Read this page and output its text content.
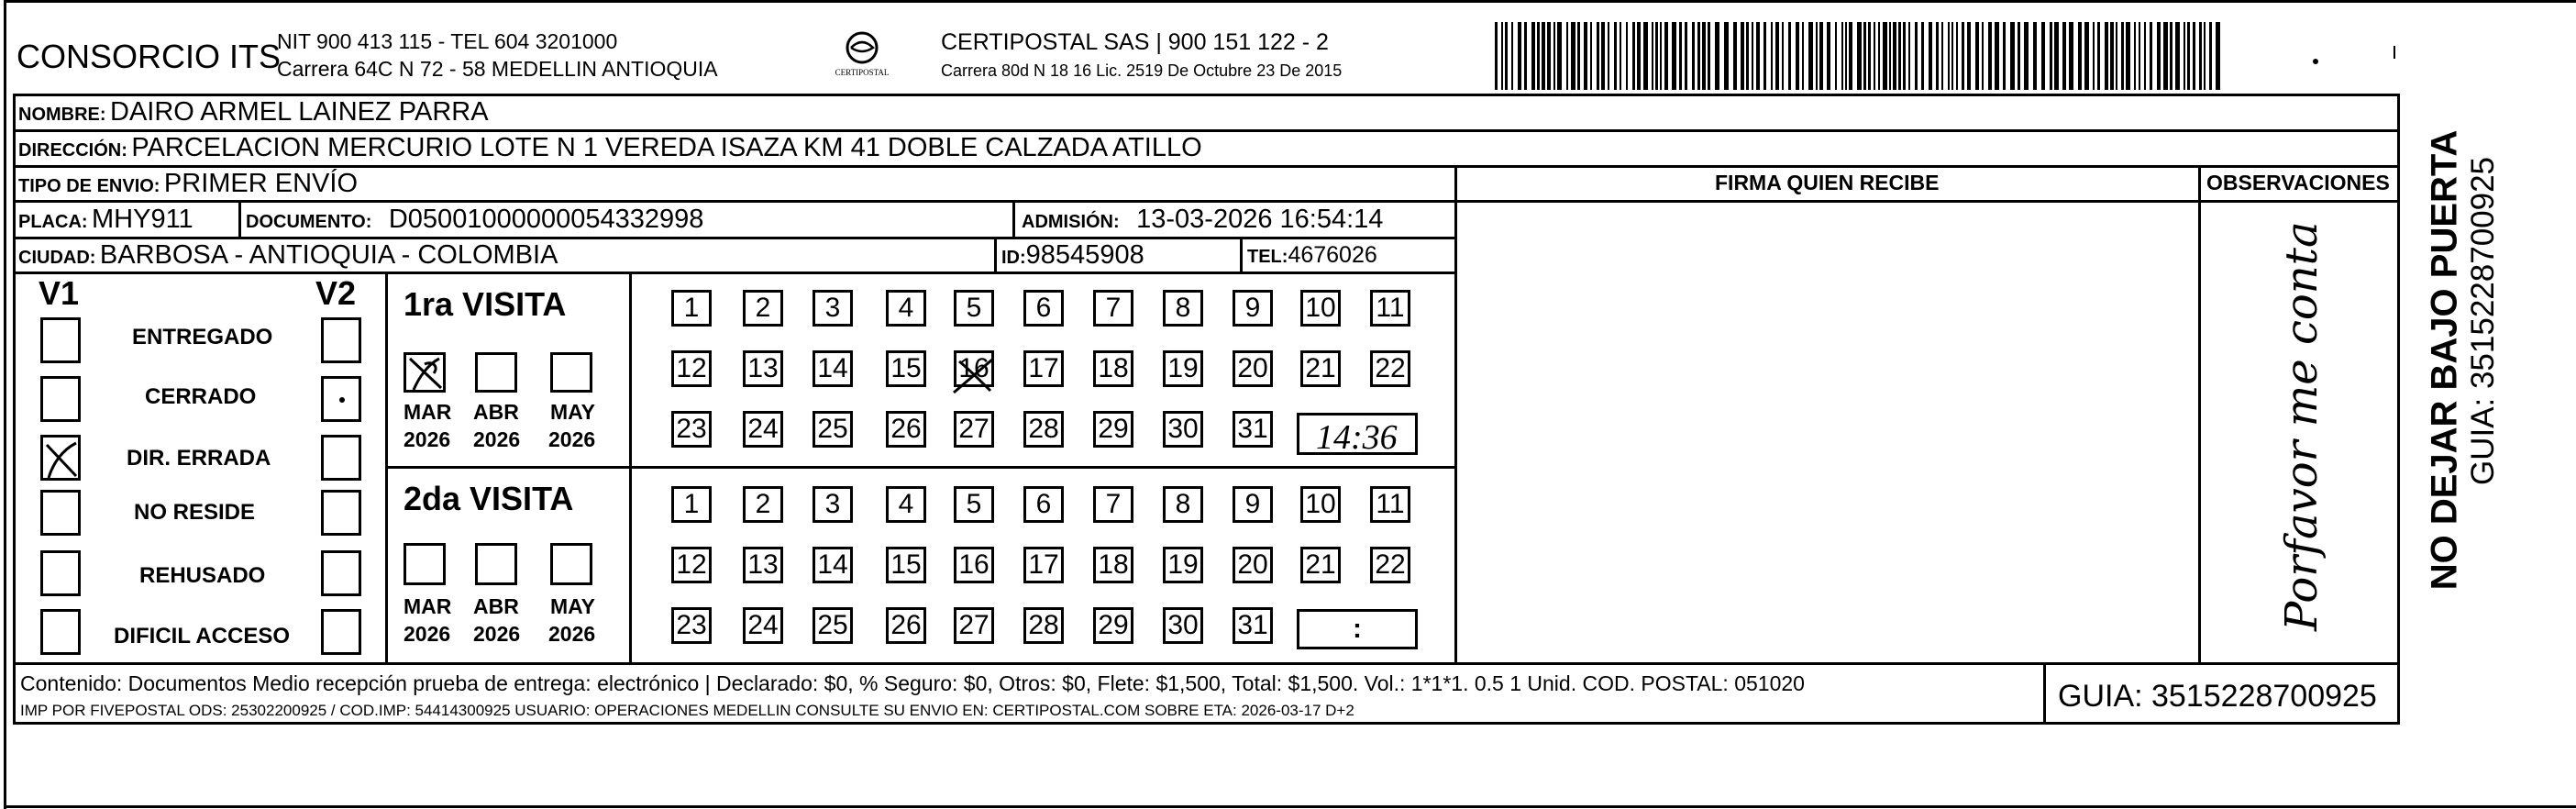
CONSORCIO ITS
NIT 900 413 115 - TEL 604 3201000
Carrera 64C N 72 - 58 MEDELLIN ANTIOQUIA	CERTIPOSTAL
CERTIPOSTAL SAS | 900 151 122 - 2
Carrera 80d N 18 16 Lic. 2519 De Octubre 23 De 2015
NOMBRE: DAIRO ARMEL LAINEZ PARRA
DIRECCIÓN: PARCELACION MERCURIO LOTE N 1 VEREDA ISAZA KM 41 DOBLE CALZADA ATILLO
TIPO DE ENVIO: PRIMER ENVÍO	FIRMA QUIEN RECIBE	OBSERVACIONES
PLACA: MHY911	DOCUMENTO: D05001000000054332998	ADMISIÓN: 13-03-2026 16:54:14
CIUDAD: BARBOSA - ANTIOQUIA - COLOMBIA	ID:98545908	TEL:4676026
V1	V2
ENTREGADO
CERRADO
DIR. ERRADA
NO RESIDE
REHUSADO
DIFICIL ACCESO
1ra VISITA
2da VISITA
MAR ABR MAY
2026 2026 2026
MAR ABR MAY
2026 2026 2026
1	2	3	4	5	6	7	8	9	10 11
12 13 14 15 16 17 18 19 20 21 22
23 24 25 26 27 28 29 30 31
1	2	3	4	5	6	7	8	9	10 11
12 13 14 15 16 17 18 19 20 21 22
23 24 25 26 27 28 29 30 31
14:36
:	Porfavor me conta
Contenido: Documentos Medio recepción prueba de entrega: electrónico | Declarado: $0, % Seguro: $0, Otros: $0, Flete: $1,500, Total: $1,500. Vol.: 1*1*1. 0.5 1 Unid. COD. POSTAL: 051020
IMP POR FIVEPOSTAL ODS: 25302200925 / COD.IMP: 54414300925 USUARIO: OPERACIONES MEDELLIN CONSULTE SU ENVIO EN: CERTIPOSTAL.COM SOBRE ETA: 2026-03-17 D+2	GUIA: 3515228700925
NO DEJAR BAJO PUERTA GUIA: 3515228700925
